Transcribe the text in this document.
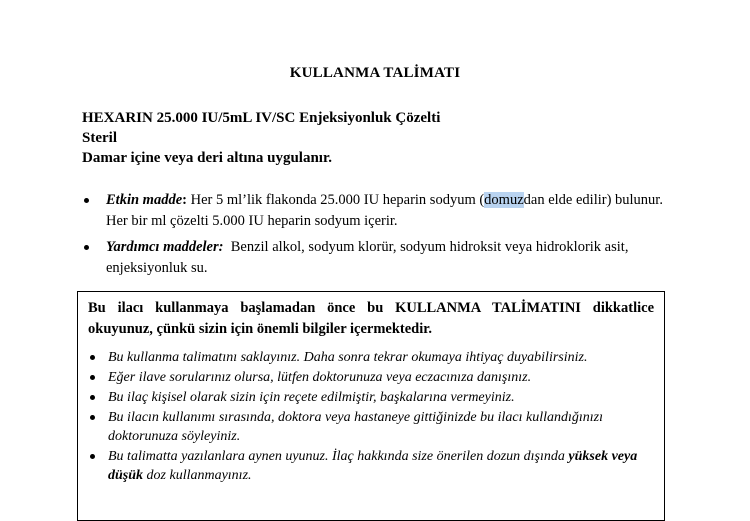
KULLANMA TALİMATI
HEXARIN 25.000 IU/5mL IV/SC Enjeksiyonluk Çözelti
Steril
Damar içine veya deri altına uygulanır.
Etkin madde: Her 5 ml’lik flakonda 25.000 IU heparin sodyum (domuzdan elde edilir) bulunur. Her bir ml çözelti 5.000 IU heparin sodyum içerir.
Yardımcı maddeler:  Benzil alkol, sodyum klorür, sodyum hidroksit veya hidroklorik asit, enjeksiyonluk su.

Bu ilacı kullanmaya başlamadan önce bu KULLANMA TALİMATINI dikkatlice okuyunuz, çünkü sizin için önemli bilgiler içermektedir.

Bu kullanma talimatını saklayınız. Daha sonra tekrar okumaya ihtiyaç duyabilirsiniz.
Eğer ilave sorularınız olursa, lütfen doktorunuza veya eczacınıza danışınız.
Bu ilaç kişisel olarak sizin için reçete edilmiştir, başkalarına vermeyiniz.
Bu ilacın kullanımı sırasında, doktora veya hastaneye gittiğinizde bu ilacı kullandığınızı doktorunuza söyleyiniz.
Bu talimatta yazılanlara aynen uyunuz. İlaç hakkında size önerilen dozun dışında yüksek veya düşük doz kullanmayınız.
